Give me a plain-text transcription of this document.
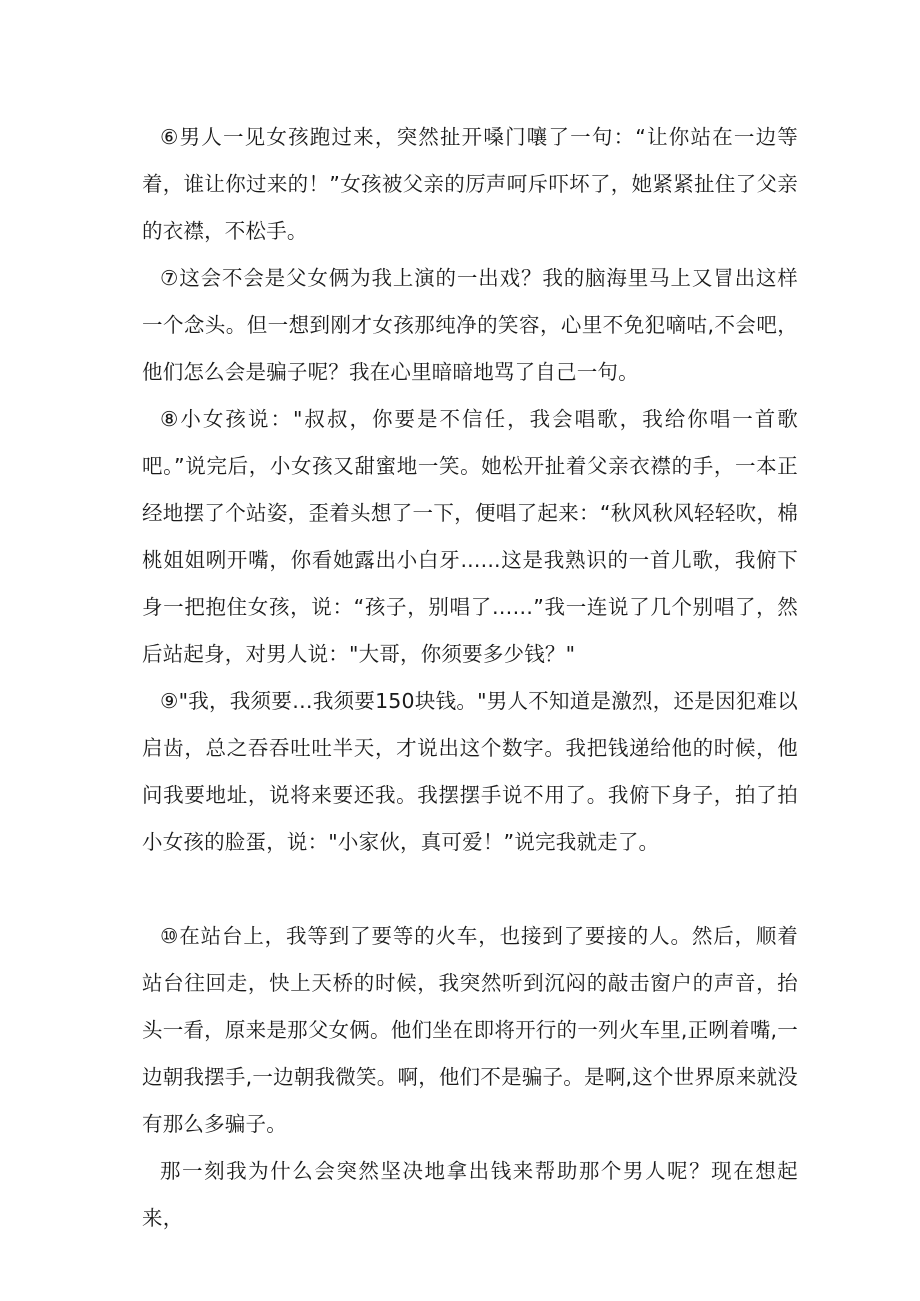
⑥男人一见女孩跑过来，突然扯开嗓门嚷了一句：“让你站在一边等着，谁让你过来的！”女孩被父亲的厉声呵斥吓坏了，她紧紧扯住了父亲的衣襟，不松手。

⑦这会不会是父女俩为我上演的一出戏？我的脑海里马上又冒出这样一个念头。但一想到刚才女孩那纯净的笑容，心里不免犯嘀咕,不会吧，他们怎么会是骗子呢？我在心里暗暗地骂了自己一句。

⑧小女孩说："叔叔，你要是不信任，我会唱歌，我给你唱一首歌吧。”说完后，小女孩又甜蜜地一笑。她松开扯着父亲衣襟的手，一本正经地摆了个站姿，歪着头想了一下，便唱了起来：“秋风秋风轻轻吹，棉桃姐姐咧开嘴，你看她露出小白牙......这是我熟识的一首儿歌，我俯下身一把抱住女孩，说：“孩子，别唱了……”我一连说了几个别唱了，然后站起身，对男人说："大哥，你须要多少钱？"

⑨"我，我须要…我须要150块钱。"男人不知道是激烈，还是因犯难以启齿，总之吞吞吐吐半天，才说出这个数字。我把钱递给他的时候，他问我要地址，说将来要还我。我摆摆手说不用了。我俯下身子，拍了拍小女孩的脸蛋，说："小家伙，真可爱！”说完我就走了。

⑩在站台上，我等到了要等的火车，也接到了要接的人。然后，顺着站台往回走，快上天桥的时候，我突然听到沉闷的敲击窗户的声音，抬头一看，原来是那父女俩。他们坐在即将开行的一列火车里,正咧着嘴,一边朝我摆手,一边朝我微笑。啊，他们不是骗子。是啊,这个世界原来就没有那么多骗子。

那一刻我为什么会突然坚决地拿出钱来帮助那个男人呢？现在想起来，
